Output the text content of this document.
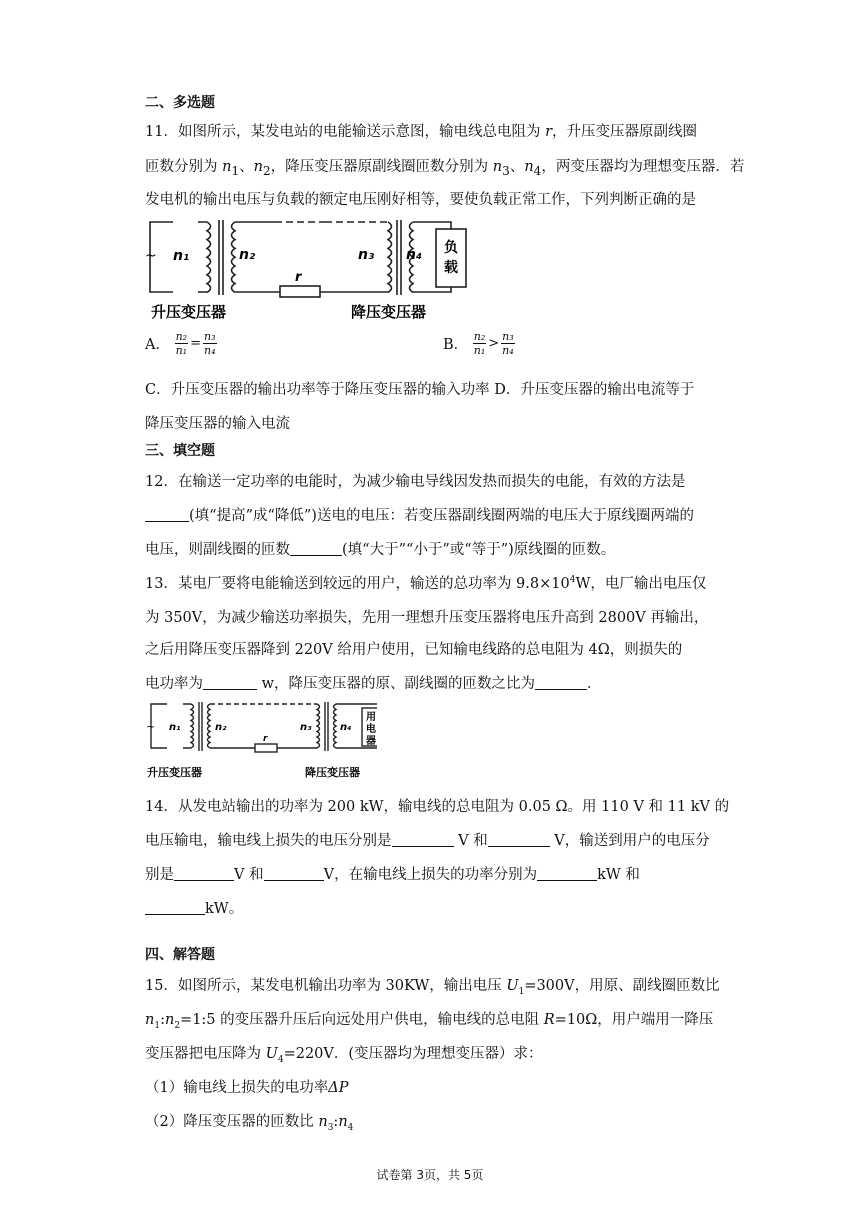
二、多选题
11．如图所示，某发电站的电能输送示意图，输电线总电阻为 r，升压变压器原副线圈
匝数分别为 $n_1$、$n_2$，降压变压器原副线圈匝数分别为 $n_3$、$n_4$，两变压器均为理想变压器．若
发电机的输出电压与负载的额定电压刚好相等，要使负载正常工作，下列判断正确的是
~ n₁	n₂
r
n₃ n₄ 负
载
升压变压器	降压变压器
A． $\frac{\text{n₂}}{\text{n₁}} = \frac{\text{n₃}}{\text{n₄}}$	B． $\frac{\text{n₂}}{\text{n₁}} > \frac{\text{n₃}}{\text{n₄}}$
C．升压变压器的输出功率等于降压变压器的输入功率 D．升压变压器的输出电流等于
降压变压器的输入电流
三、填空题
12．在输送一定功率的电能时，为减少输电导线因发热而损失的电能，有效的方法是
(填“提高”成“降低”)送电的电压：若变压器副线圈两端的电压大于原线圈两端的
电压，则副线圈的匝数	(填“大于”“小于”或“等于”)原线圈的匝数。
13．某电厂要将电能输送到较远的用户，输送的总功率为 $9.8\times 10^4W$，电厂输出电压仅
为 350V，为减少输送功率损失，先用一理想升压变压器将电压升高到 2800V 再输出，
之后用降压变压器降到 220V 给用户使用，已知输电线路的总电阻为 4Ω，则损失的
电功率为	w，降压变压器的原、副线圈的匝数之比为	．
~ n₁	n₂
r
n₃	n₄
用
电
器
升压变压器	降压变压器
14．从发电站输出的功率为 200 kW，输电线的总电阻为 0.05 Ω。用 110 V 和 11 kV 的
电压输电，输电线上损失的电压分别是	V 和	V，输送到用户的电压分
别是	V 和	V，在输电线上损失的功率分别为	kW 和
kW。
四、解答题
15．如图所示，某发电机输出功率为 30KW，输出电压 $U_1=300V$，用原、副线圈匝数比
$n_1:n_2=1:5$ 的变压器升压后向远处用户供电，输电线的总电阻 R=10Ω，用户端用一降压
变压器把电压降为 $U_4=220V$．(变压器均为理想变压器）求：
（1）输电线上损失的电功率ΔP
（2）降压变压器的匝数比 $n_3:n_4$
试卷第 3页，共 5页
